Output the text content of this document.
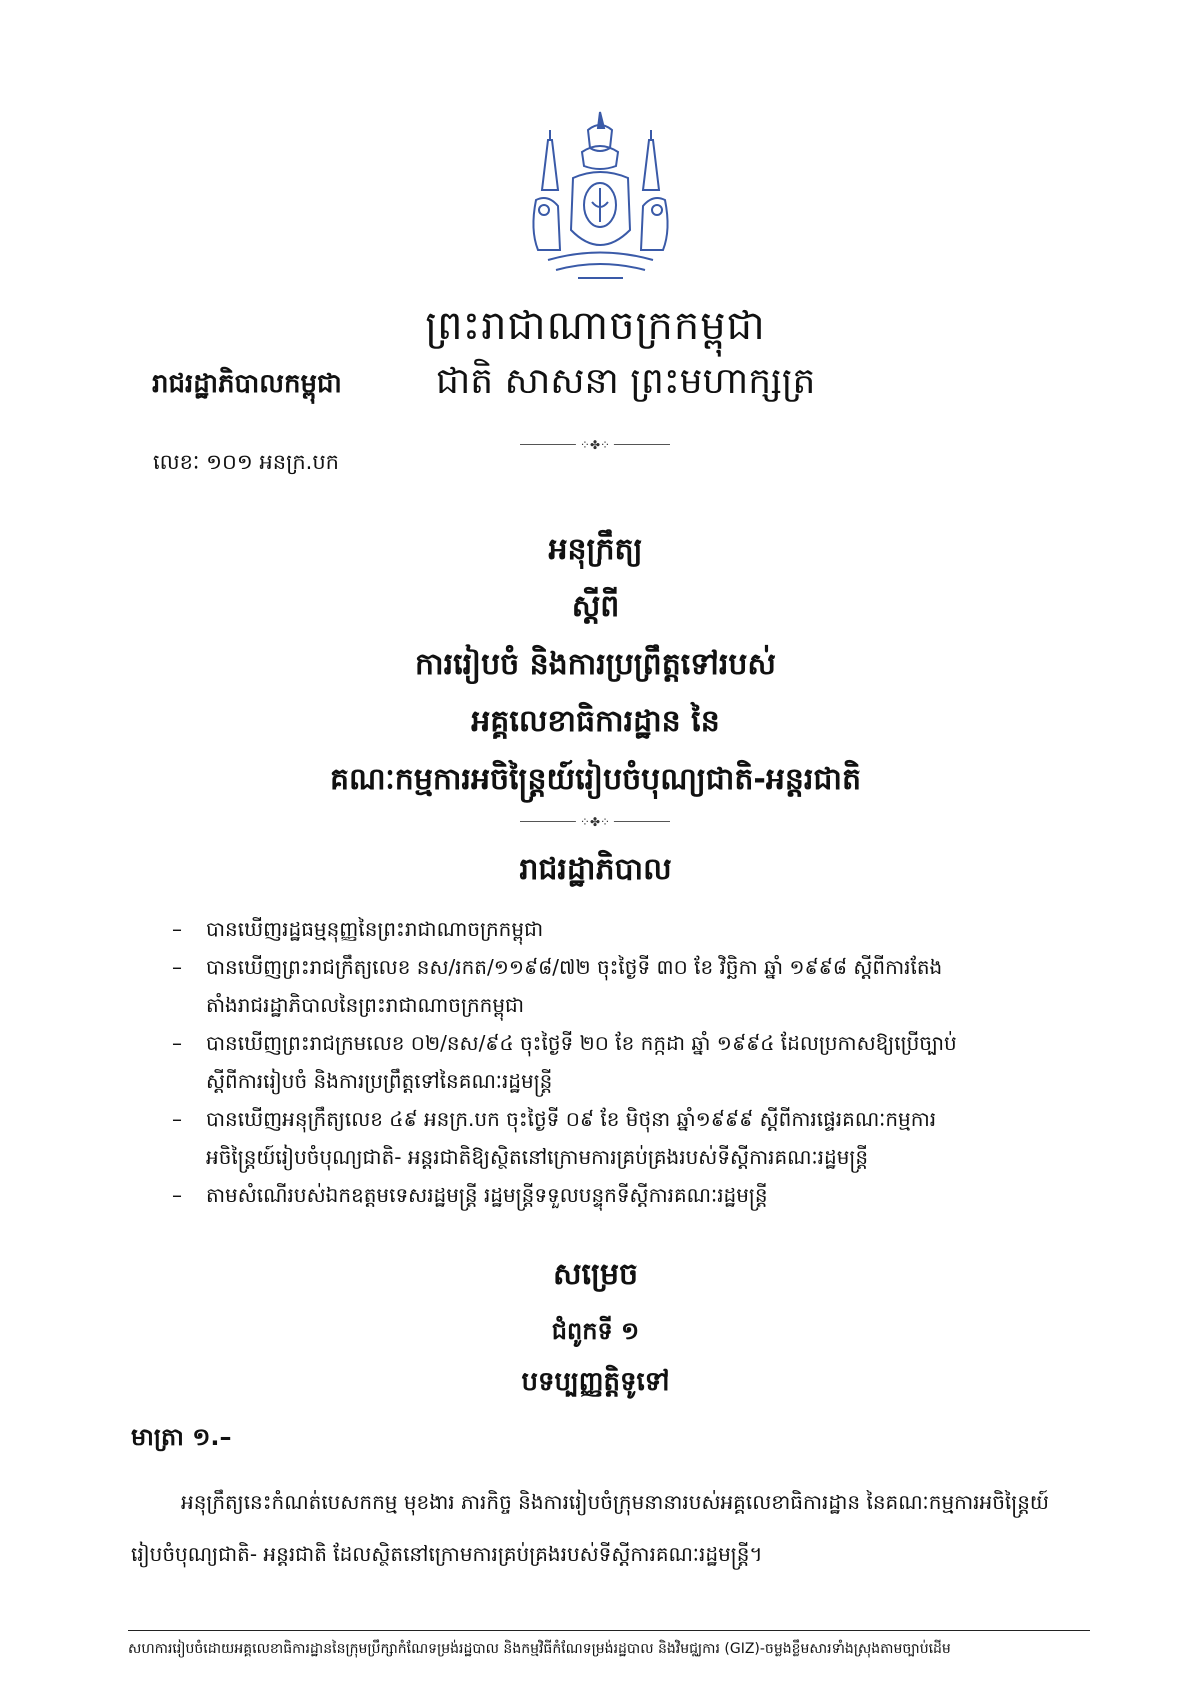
ព្រះរាជាណាចក្រកម្ពុជា
រាជរដ្ឋាភិបាលកម្ពុជា	ជាតិ សាសនា ព្រះមហាក្សត្រ
⁘✤⁘
លេខៈ ១០១ អនក្រ.បក
អនុក្រឹត្យ
ស្តីពី
ការរៀបចំ និងការប្រព្រឹត្តទៅរបស់
អគ្គលេខាធិការដ្ឋាន នៃ
គណៈកម្មការអចិន្ត្រៃយ៍រៀបចំបុណ្យជាតិ-អន្តរជាតិ
⁘✤⁘
រាជរដ្ឋាភិបាល
– បានឃើញរដ្ឋធម្មនុញ្ញនៃព្រះរាជាណាចក្រកម្ពុជា
– បានឃើញព្រះរាជក្រឹត្យលេខ នស/រកត/១១៩៨/៧២ ចុះថ្ងៃទី ៣០ ខែ វិច្ឆិកា ឆ្នាំ ១៩៩៨ ស្តីពីការតែង
តាំងរាជរដ្ឋាភិបាលនៃព្រះរាជាណាចក្រកម្ពុជា
– បានឃើញព្រះរាជក្រមលេខ ០២/នស/៩៤ ចុះថ្ងៃទី ២០ ខែ កក្កដា ឆ្នាំ ១៩៩៤ ដែលប្រកាសឱ្យប្រើច្បាប់
ស្តីពីការរៀបចំ និងការប្រព្រឹត្តទៅនៃគណៈរដ្ឋមន្ត្រី
– បានឃើញអនុក្រឹត្យលេខ ៤៩ អនក្រ.បក ចុះថ្ងៃទី ០៩ ខែ មិថុនា ឆ្នាំ១៩៩៩ ស្តីពីការផ្ទេរគណៈកម្មការ
អចិន្ត្រៃយ៍រៀបចំបុណ្យជាតិ- អន្តរជាតិឱ្យស្ថិតនៅក្រោមការគ្រប់គ្រងរបស់ទីស្តីការគណៈរដ្ឋមន្ត្រី
– តាមសំណើរបស់ឯកឧត្តមទេសរដ្ឋមន្ត្រី រដ្ឋមន្ត្រីទទួលបន្ទុកទីស្តីការគណៈរដ្ឋមន្ត្រី
សម្រេច
ជំពូកទី ១
បទប្បញ្ញត្តិទូទៅ
មាត្រា ១.–
អនុក្រឹត្យនេះកំណត់បេសកកម្ម មុខងារ ភារកិច្ច និងការរៀបចំក្រុមនានារបស់អគ្គលេខាធិការដ្ឋាន នៃគណៈកម្មការអចិន្ត្រៃយ៍រៀបចំបុណ្យជាតិ- អន្តរជាតិ ដែលស្ថិតនៅក្រោមការគ្រប់គ្រងរបស់ទីស្តីការគណៈរដ្ឋមន្ត្រី។
សហការរៀបចំដោយអគ្គលេខាធិការដ្ឋាននៃក្រុមប្រឹក្សាកំណែទម្រង់រដ្ឋបាល និងកម្មវិធីកំណែទម្រង់រដ្ឋបាល និងវិមជ្ឈការ (GIZ)-ចម្លងខ្លឹមសារទាំងស្រុងតាមច្បាប់ដើម
